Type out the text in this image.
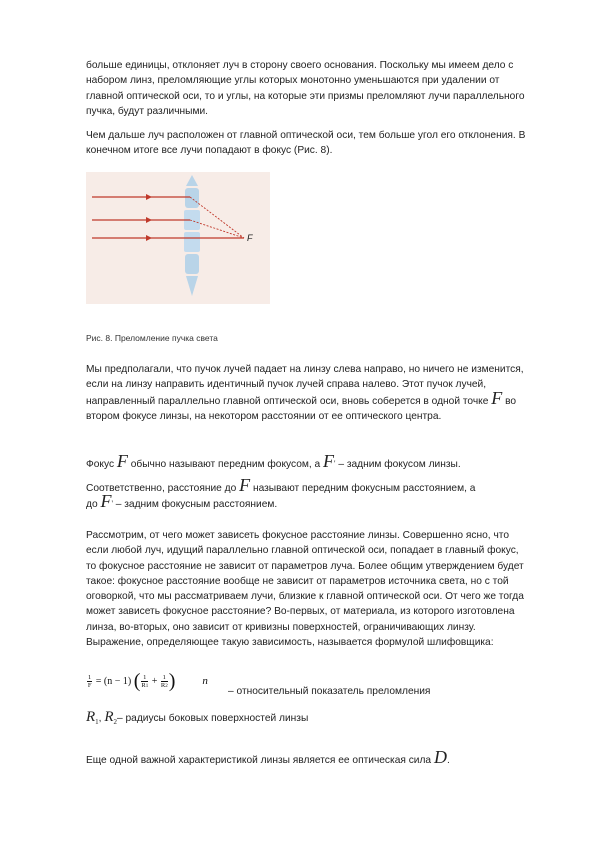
больше единицы, отклоняет луч в сторону своего основания. Поскольку мы имеем дело с набором линз, преломляющие углы которых монотонно уменьшаются при удалении от главной оптической оси, то и углы, на которые эти призмы преломляют лучи параллельного пучка, будут различными.

Чем дальше луч расположен от главной оптической оси, тем больше угол его отклонения. В конечном итоге все лучи попадают в фокус (Рис. 8).

F
Рис. 8. Преломление пучка света

Мы предполагали, что пучок лучей падает на линзу слева направо, но ничего не изменится, если на линзу направить идентичный пучок лучей справа налево. Этот пучок лучей, направленный параллельно главной оптической оси, вновь соберется в одной точке F во втором фокусе линзы, на некотором расстоянии от ее оптического центра.

Фокус F обычно называют передним фокусом, а F' – задним фокусом линзы.

Соответственно, расстояние до F называют передним фокусным расстоянием, а
до F' – задним фокусным расстоянием.

Рассмотрим, от чего может зависеть фокусное расстояние линзы. Совершенно ясно, что если любой луч, идущий параллельно главной оптической оси, попадает в главный фокус, то фокусное расстояние не зависит от параметров луча. Более общим утверждением будет такое: фокусное расстояние вообще не зависит от параметров источника света, но с той оговоркой, что мы рассматриваем лучи, близкие к главной оптической оси. От чего же тогда может зависеть фокусное расстояние? Во-первых, от материала, из которого изготовлена линза, во-вторых, оно зависит от кривизны поверхностей, ограничивающих линзу. Выражение, определяющее такую зависимость, называется формулой шлифовщика:

$\frac{1}{F} = (n - 1)$ ( $\frac{1}{R1} + \frac{1}{R2}$ ) n
– относительный показатель преломления
$R_1$, $R_2-$ радиусы боковых поверхностей линзы
Еще одной важной характеристикой линзы является ее оптическая сила D.
